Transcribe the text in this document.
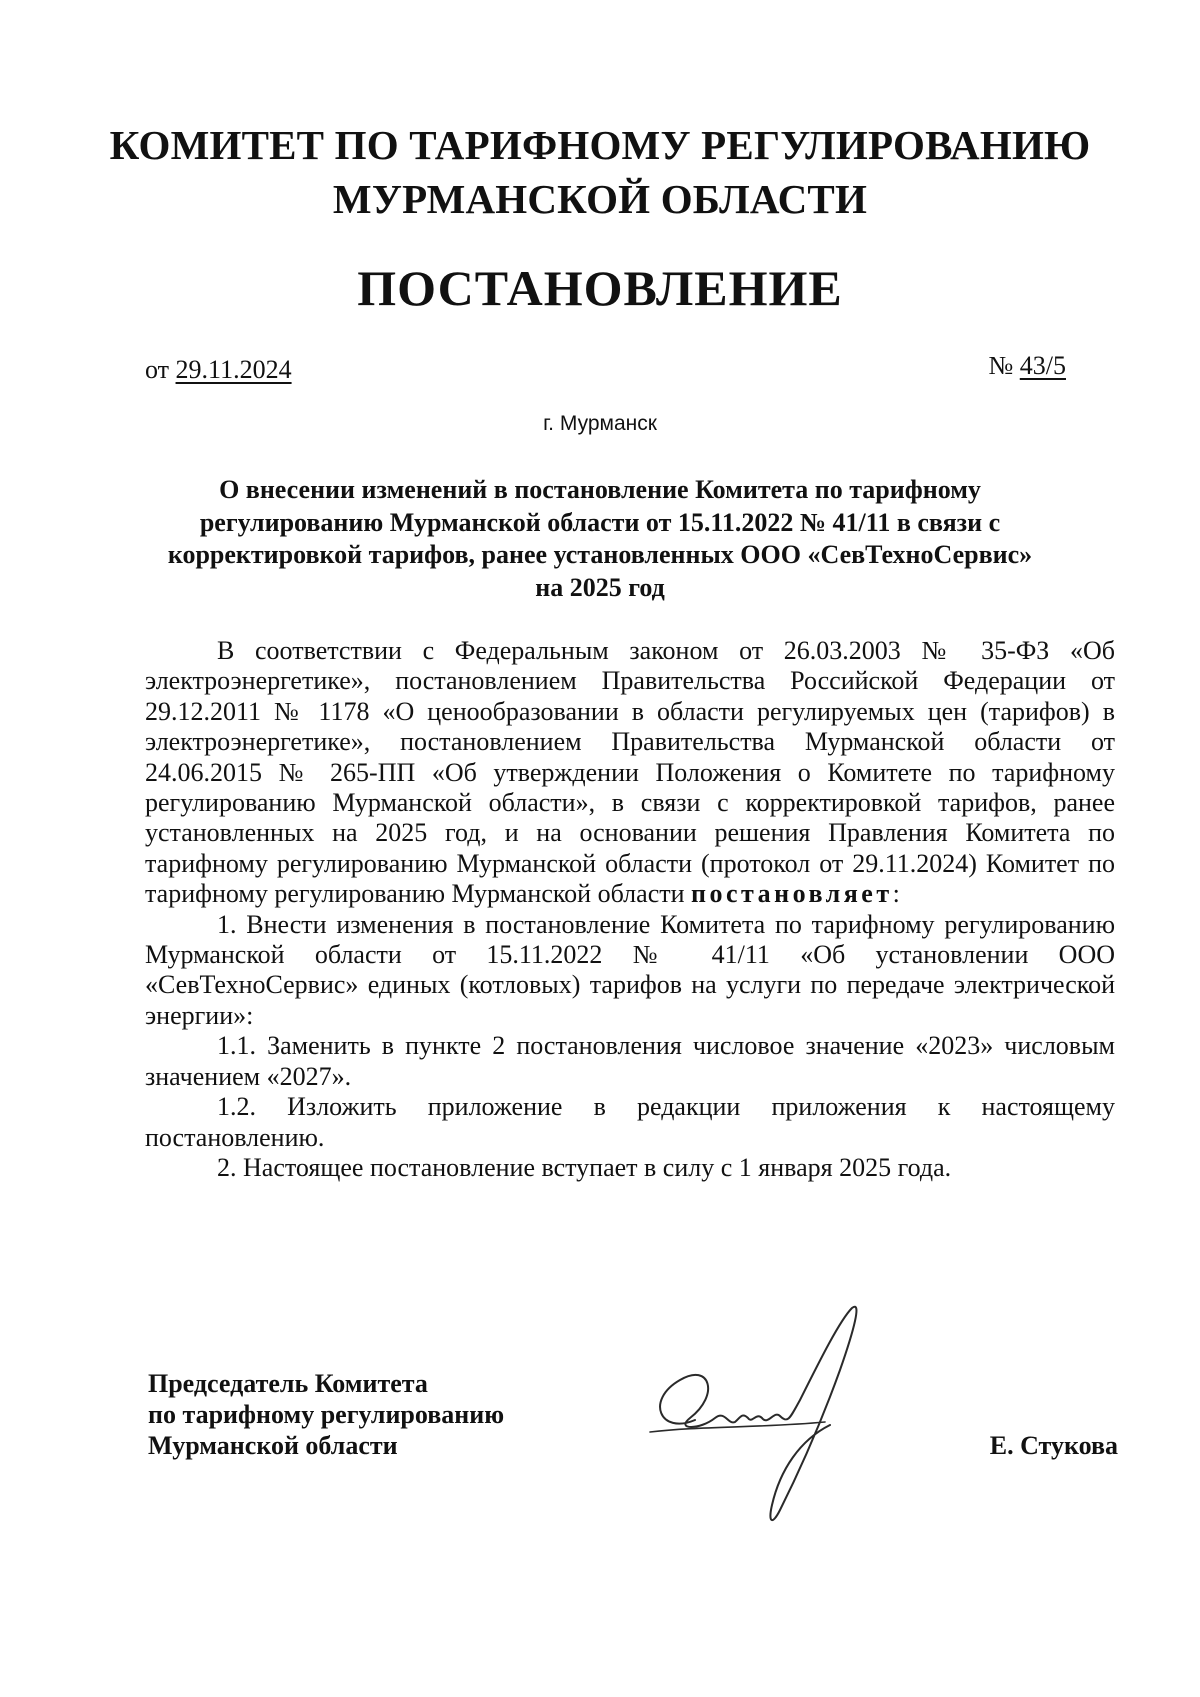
КОМИТЕТ ПО ТАРИФНОМУ РЕГУЛИРОВАНИЮ
МУРМАНСКОЙ ОБЛАСТИ
ПОСТАНОВЛЕНИЕ
от 29.11.2024	№ 43/5
г. Мурманск
О внесении изменений в постановление Комитета по тарифному
регулированию Мурманской области от 15.11.2022 № 41/11 в связи с
корректировкой тарифов, ранее установленных ООО «СевТехноСервис»
на 2025 год

В соответствии с Федеральным законом от 26.03.2003 № 35-ФЗ «Об электроэнергетике», постановлением Правительства Российской Федерации от 29.12.2011 № 1178 «О ценообразовании в области регулируемых цен (тарифов) в электроэнергетике», постановлением Правительства Мурманской области от 24.06.2015 № 265-ПП «Об утверждении Положения о Комитете по тарифному регулированию Мурманской области», в связи с корректировкой тарифов, ранее установленных на 2025 год, и на основании решения Правления Комитета по тарифному регулированию Мурманской области (протокол от 29.11.2024) Комитет по тарифному регулированию Мурманской области постановляет:

1. Внести изменения в постановление Комитета по тарифному регулированию Мурманской области от 15.11.2022 № 41/11 «Об установлении ООО «СевТехноСервис» единых (котловых) тарифов на услуги по передаче электрической энергии»:

1.1. Заменить в пункте 2 постановления числовое значение «2023» числовым значением «2027».

1.2. Изложить приложение в редакции приложения к настоящему постановлению.

2. Настоящее постановление вступает в силу с 1 января 2025 года.

Председатель Комитета
по тарифному регулированию
Мурманской области	Е. Стукова
